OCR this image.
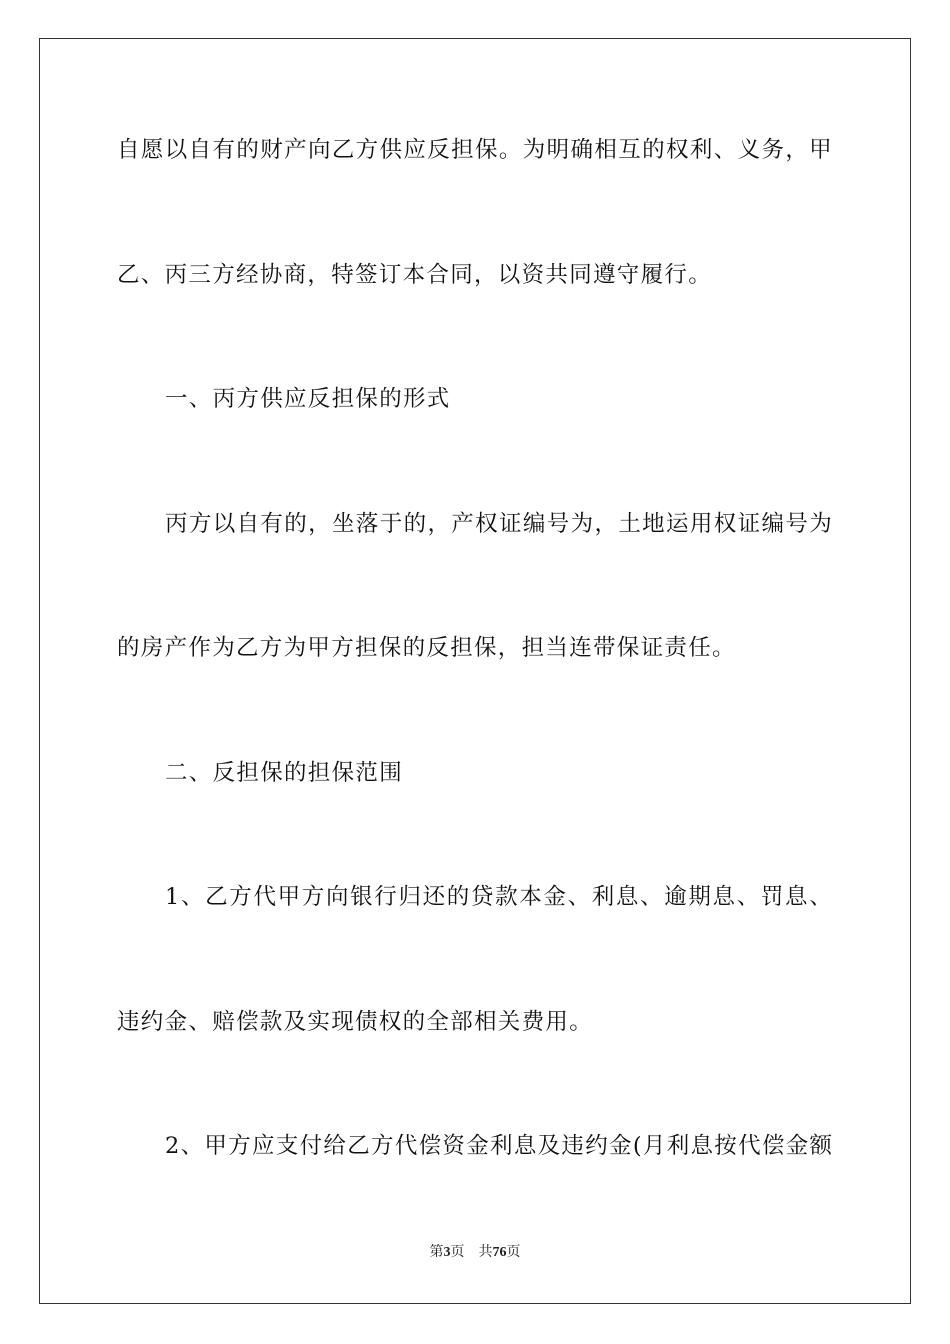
自愿以自有的财产向乙方供应反担保。为明确相互的权利、义务，甲
乙、丙三方经协商，特签订本合同，以资共同遵守履行。
一、丙方供应反担保的形式
丙方以自有的，坐落于的，产权证编号为，土地运用权证编号为
的房产作为乙方为甲方担保的反担保，担当连带保证责任。
二、反担保的担保范围
1、乙方代甲方向银行归还的贷款本金、利息、逾期息、罚息、
违约金、赔偿款及实现债权的全部相关费用。
2、甲方应支付给乙方代偿资金利息及违约金(月利息按代偿金额
第3页 共76页
